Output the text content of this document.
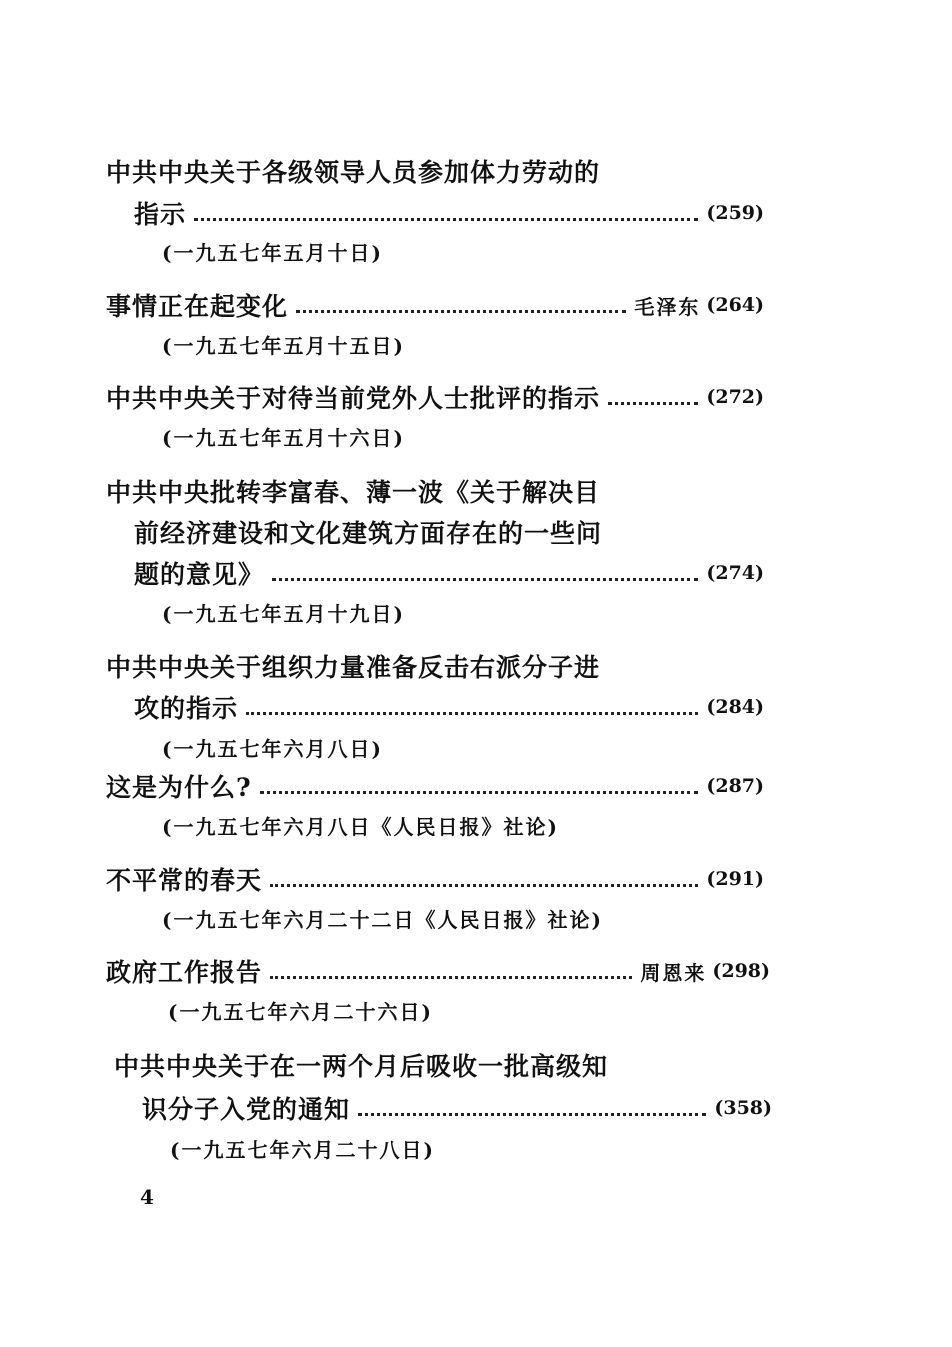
中共中央关于各级领导人员参加体力劳动的
指示	(259)
(一九五七年五月十日)
事情正在起变化	毛泽东 (264)
(一九五七年五月十五日)
中共中央关于对待当前党外人士批评的指示	(272)
(一九五七年五月十六日)
中共中央批转李富春、薄一波《关于解决目
前经济建设和文化建筑方面存在的一些问
题的意见》	(274)
(一九五七年五月十九日)
中共中央关于组织力量准备反击右派分子进
攻的指示	(284)
(一九五七年六月八日)
这是为什么?	(287)
(一九五七年六月八日《人民日报》社论)
不平常的春天	(291)
(一九五七年六月二十二日《人民日报》社论)
政府工作报告	周恩来 (298)
(一九五七年六月二十六日)
中共中央关于在一两个月后吸收一批高级知
识分子入党的通知	(358)
(一九五七年六月二十八日)
4
